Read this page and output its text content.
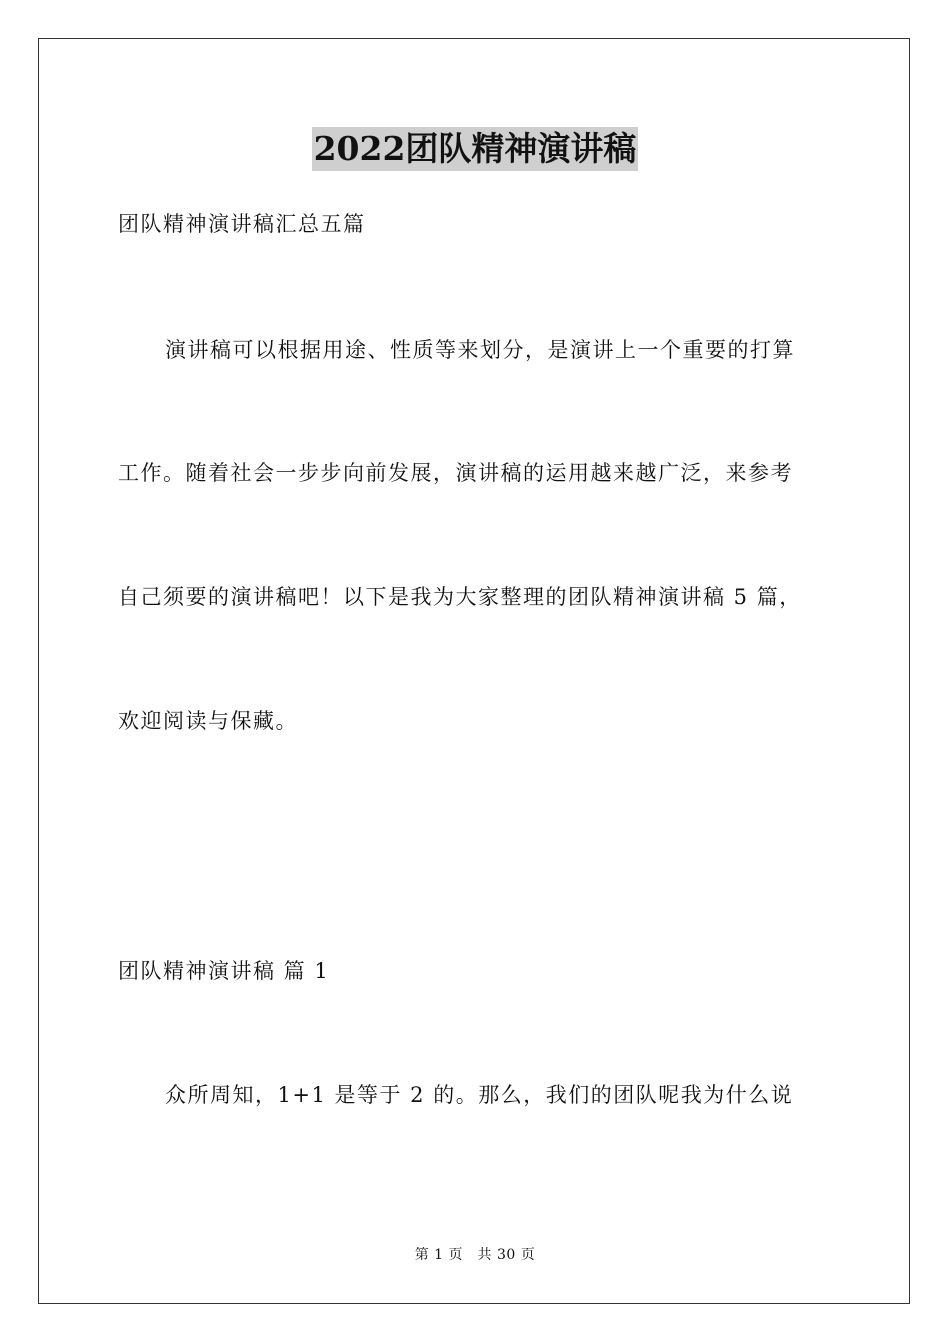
2022团队精神演讲稿
团队精神演讲稿汇总五篇
演讲稿可以根据用途、性质等来划分，是演讲上一个重要的打算
工作。随着社会一步步向前发展，演讲稿的运用越来越广泛，来参考
自己须要的演讲稿吧！以下是我为大家整理的团队精神演讲稿 5 篇，
欢迎阅读与保藏。
团队精神演讲稿 篇 1
众所周知，1+1 是等于 2 的。那么，我们的团队呢我为什么说
第 1 页　共 30 页
